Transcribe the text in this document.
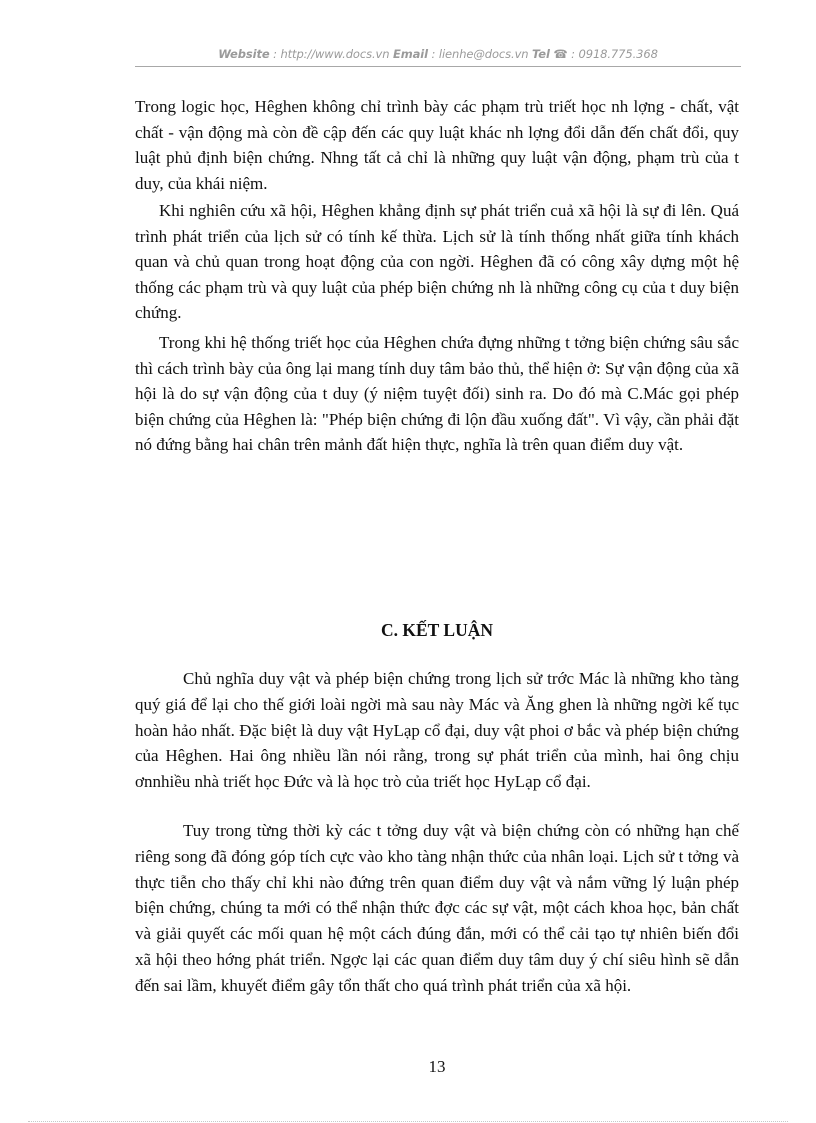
Website : http://www.docs.vn Email : lienhe@docs.vn Tel ☎ : 0918.775.368

Trong logic học, Hêghen không chỉ trình bày các phạm trù triết học nh lợng - chất, vật chất - vận động mà còn đề cập đến các quy luật khác nh lợng đổi dẫn đến chất đổi, quy luật phủ định biện chứng. Nhng tất cả chỉ là những quy luật vận động, phạm trù của t duy, của khái niệm.

Khi nghiên cứu xã hội, Hêghen khẳng định sự phát triển cuả xã hội là sự đi lên. Quá trình phát triển của lịch sử có tính kế thừa. Lịch sử là tính thống nhất giữa tính khách quan và chủ quan trong hoạt động của con ngời. Hêghen đã có công xây dựng một hệ thống các phạm trù và quy luật của phép biện chứng nh là những công cụ của t duy biện chứng.

Trong khi hệ thống triết học của Hêghen chứa đựng những t tởng biện chứng sâu sắc thì cách trình bày của ông lại mang tính duy tâm bảo thủ, thể hiện ở: Sự vận động của xã hội là do sự vận động của t duy (ý niệm tuyệt đối) sinh ra. Do đó mà C.Mác gọi phép biện chứng của Hêghen là: "Phép biện chứng đi lộn đầu xuống đất". Vì vậy, cần phải đặt nó đứng bằng hai chân trên mảnh đất hiện thực, nghĩa là trên quan điểm duy vật.

C. KẾT LUẬN

Chủ nghĩa duy vật và phép biện chứng trong lịch sử trớc Mác là những kho tàng quý giá để lại cho thế giới loài ngời mà sau này Mác và Ăng ghen là những ngời kế tục hoàn hảo nhất. Đặc biệt là duy vật HyLạp cổ đại, duy vật phoi ơ bắc và phép biện chứng của Hêghen. Hai ông nhiều lần nói rằng, trong sự phát triển của mình, hai ông chịu ơnnhiều nhà triết học Đức và là học trò của triết học HyLạp cổ đại.

Tuy trong từng thời kỳ các t tởng duy vật và biện chứng còn có những hạn chế riêng song đã đóng góp tích cực vào kho tàng nhận thức của nhân loại. Lịch sử t tởng và thực tiễn cho thấy chỉ khi nào đứng trên quan điểm duy vật và nắm vững lý luận phép biện chứng, chúng ta mới có thể nhận thức đợc các sự vật, một cách khoa học, bản chất và giải quyết các mối quan hệ một cách đúng đắn, mới có thể cải tạo tự nhiên biến đổi xã hội theo hớng phát triển. Ngợc lại các quan điểm duy tâm duy ý chí siêu hình sẽ dẫn đến sai lầm, khuyết điểm gây tổn thất cho quá trình phát triển của xã hội.

13
